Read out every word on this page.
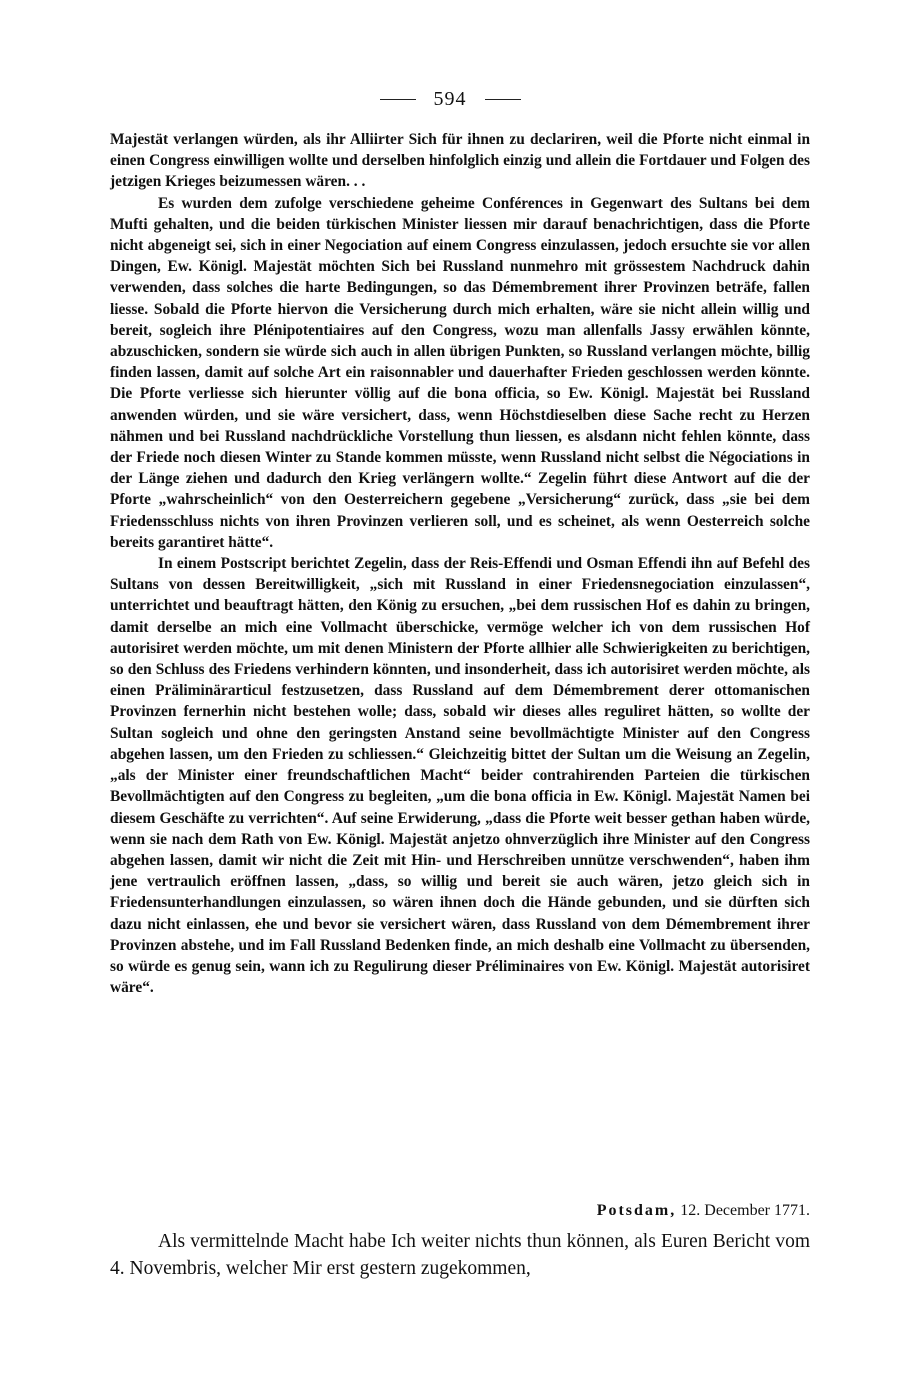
594

Majestät verlangen würden, als ihr Alliirter Sich für ihnen zu declariren, weil die Pforte nicht einmal in einen Congress einwilligen wollte und derselben hinfolglich einzig und allein die Fortdauer und Folgen des jetzigen Krieges beizumessen wären. . .

Es wurden dem zufolge verschiedene geheime Conférences in Gegenwart des Sultans bei dem Mufti gehalten, und die beiden türkischen Minister liessen mir darauf benachrichtigen, dass die Pforte nicht abgeneigt sei, sich in einer Negociation auf einem Congress einzulassen, jedoch ersuchte sie vor allen Dingen, Ew. Königl. Majestät möchten Sich bei Russland nunmehro mit grössestem Nachdruck dahin verwenden, dass solches die harte Bedingungen, so das Démembrement ihrer Provinzen beträfe, fallen liesse. Sobald die Pforte hiervon die Versicherung durch mich erhalten, wäre sie nicht allein willig und bereit, sogleich ihre Plénipotentiaires auf den Congress, wozu man allenfalls Jassy erwählen könnte, abzuschicken, sondern sie würde sich auch in allen übrigen Punkten, so Russland verlangen möchte, billig finden lassen, damit auf solche Art ein raisonnabler und dauerhafter Frieden geschlossen werden könnte. Die Pforte verliesse sich hierunter völlig auf die bona officia, so Ew. Königl. Majestät bei Russland anwenden würden, und sie wäre versichert, dass, wenn Höchstdieselben diese Sache recht zu Herzen nähmen und bei Russland nachdrückliche Vorstellung thun liessen, es alsdann nicht fehlen könnte, dass der Friede noch diesen Winter zu Stande kommen müsste, wenn Russland nicht selbst die Négociations in der Länge ziehen und dadurch den Krieg verlängern wollte.“ Zegelin führt diese Antwort auf die der Pforte „wahrscheinlich“ von den Oesterreichern gegebene „Versicherung“ zurück, dass „sie bei dem Friedensschluss nichts von ihren Provinzen verlieren soll, und es scheinet, als wenn Oesterreich solche bereits garantiret hätte“.

In einem Postscript berichtet Zegelin, dass der Reis-Effendi und Osman Effendi ihn auf Befehl des Sultans von dessen Bereitwilligkeit, „sich mit Russland in einer Friedensnegociation einzulassen“, unterrichtet und beauftragt hätten, den König zu ersuchen, „bei dem russischen Hof es dahin zu bringen, damit derselbe an mich eine Vollmacht überschicke, vermöge welcher ich von dem russischen Hof autorisiret werden möchte, um mit denen Ministern der Pforte allhier alle Schwierigkeiten zu berichtigen, so den Schluss des Friedens verhindern könnten, und insonderheit, dass ich autorisiret werden möchte, als einen Präliminärarticul festzusetzen, dass Russland auf dem Démembrement derer ottomanischen Provinzen fernerhin nicht bestehen wolle; dass, sobald wir dieses alles reguliret hätten, so wollte der Sultan sogleich und ohne den geringsten Anstand seine bevollmächtigte Minister auf den Congress abgehen lassen, um den Frieden zu schliessen.“ Gleichzeitig bittet der Sultan um die Weisung an Zegelin, „als der Minister einer freundschaftlichen Macht“ beider contrahirenden Parteien die türkischen Bevollmächtigten auf den Congress zu begleiten, „um die bona officia in Ew. Königl. Majestät Namen bei diesem Geschäfte zu verrichten“. Auf seine Erwiderung, „dass die Pforte weit besser gethan haben würde, wenn sie nach dem Rath von Ew. Königl. Majestät anjetzo ohnverzüglich ihre Minister auf den Congress abgehen lassen, damit wir nicht die Zeit mit Hin- und Herschreiben unnütze verschwenden“, haben ihm jene vertraulich eröffnen lassen, „dass, so willig und bereit sie auch wären, jetzo gleich sich in Friedensunterhandlungen einzulassen, so wären ihnen doch die Hände gebunden, und sie dürften sich dazu nicht einlassen, ehe und bevor sie versichert wären, dass Russland von dem Démembrement ihrer Provinzen abstehe, und im Fall Russland Bedenken finde, an mich deshalb eine Vollmacht zu übersenden, so würde es genug sein, wann ich zu Regulirung dieser Préliminaires von Ew. Königl. Majestät autorisiret wäre“.

Potsdam, 12. December 1771.

Als vermittelnde Macht habe Ich weiter nichts thun können, als Euren Bericht vom 4. Novembris, welcher Mir erst gestern zugekommen,
